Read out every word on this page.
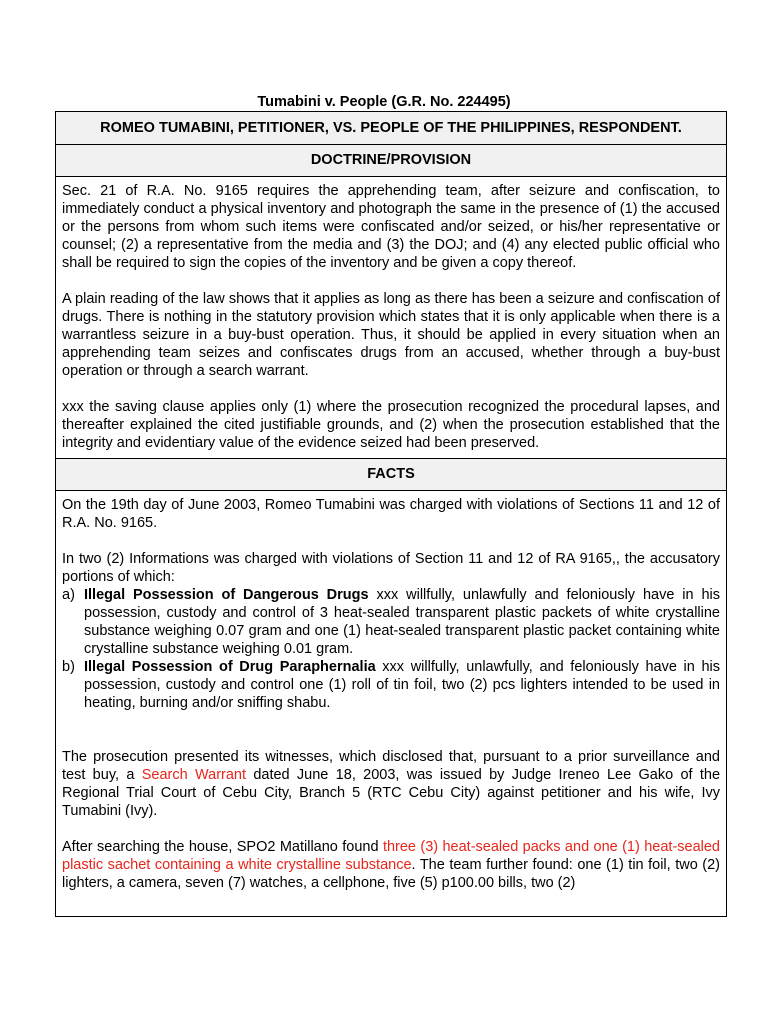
Tumabini v. People (G.R. No. 224495)
ROMEO TUMABINI, PETITIONER, VS. PEOPLE OF THE PHILIPPINES, RESPONDENT.
DOCTRINE/PROVISION

Sec. 21 of R.A. No. 9165 requires the apprehending team, after seizure and confiscation, to immediately conduct a physical inventory and photograph the same in the presence of (1) the accused or the persons from whom such items were confiscated and/or seized, or his/her representative or counsel; (2) a representative from the media and (3) the DOJ; and (4) any elected public official who shall be required to sign the copies of the inventory and be given a copy thereof.

A plain reading of the law shows that it applies as long as there has been a seizure and confiscation of drugs. There is nothing in the statutory provision which states that it is only applicable when there is a warrantless seizure in a buy-bust operation. Thus, it should be applied in every situation when an apprehending team seizes and confiscates drugs from an accused, whether through a buy-bust operation or through a search warrant.

xxx the saving clause applies only (1) where the prosecution recognized the procedural lapses, and thereafter explained the cited justifiable grounds, and (2) when the prosecution established that the integrity and evidentiary value of the evidence seized had been preserved.

FACTS

On the 19th day of June 2003, Romeo Tumabini was charged with violations of Sections 11 and 12 of R.A. No. 9165.

In two (2) Informations was charged with violations of Section 11 and 12 of RA 9165,, the accusatory portions of which:

a) Illegal Possession of Dangerous Drugs xxx willfully, unlawfully and feloniously have in his possession, custody and control of 3 heat-sealed transparent plastic packets of white crystalline substance weighing 0.07 gram and one (1) heat-sealed transparent plastic packet containing white crystalline substance weighing 0.01 gram.
b) Illegal Possession of Drug Paraphernalia xxx willfully, unlawfully, and feloniously have in his possession, custody and control one (1) roll of tin foil, two (2) pcs lighters intended to be used in heating, burning and/or sniffing shabu.

The prosecution presented its witnesses, which disclosed that, pursuant to a prior surveillance and test buy, a Search Warrant dated June 18, 2003, was issued by Judge Ireneo Lee Gako of the Regional Trial Court of Cebu City, Branch 5 (RTC Cebu City) against petitioner and his wife, Ivy Tumabini (Ivy).

After searching the house, SPO2 Matillano found three (3) heat-sealed packs and one (1) heat-sealed plastic sachet containing a white crystalline substance. The team further found: one (1) tin foil, two (2) lighters, a camera, seven (7) watches, a cellphone, five (5) p100.00 bills, two (2)
